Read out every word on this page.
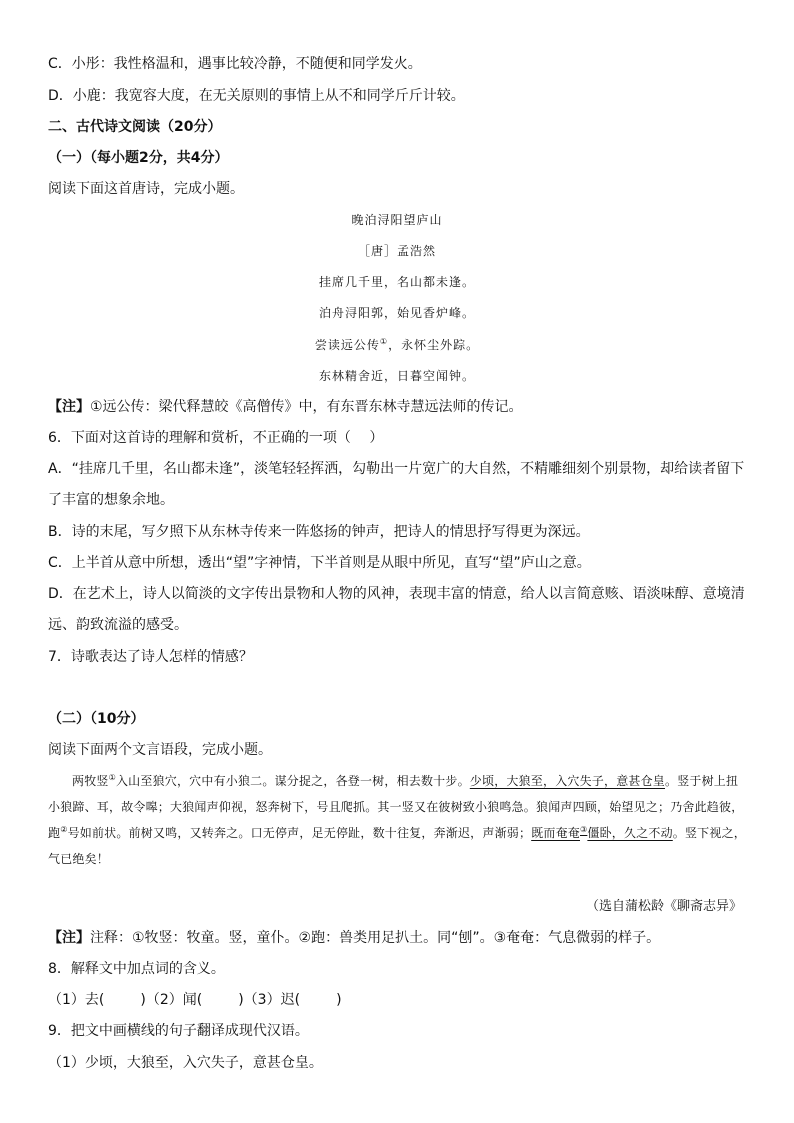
C．小彤：我性格温和，遇事比较冷静，不随便和同学发火。
D．小鹿：我宽容大度，在无关原则的事情上从不和同学斤斤计较。
二、古代诗文阅读（20分）
（一）（每小题2分，共4分）
阅读下面这首唐诗，完成小题。
晚泊浔阳望庐山
［唐］孟浩然
挂席几千里，名山都未逢。
泊舟浔阳郭，始见香炉峰。
尝读远公传①，永怀尘外踪。
东林精舍近，日暮空闻钟。
【注】①远公传：梁代释慧皎《高僧传》中，有东晋东林寺慧远法师的传记。
6．下面对这首诗的理解和赏析，不正确的一项（　 ）
A．“挂席几千里，名山都未逢”，淡笔轻轻挥洒，勾勒出一片宽广的大自然，不精雕细刻个别景物，却给读者留下
了丰富的想象余地。
B．诗的末尾，写夕照下从东林寺传来一阵悠扬的钟声，把诗人的情思抒写得更为深远。
C．上半首从意中所想，透出“望”字神情，下半首则是从眼中所见，直写“望”庐山之意。
D．在艺术上，诗人以简淡的文字传出景物和人物的风神，表现丰富的情意，给人以言简意赅、语淡味醇、意境清
远、韵致流溢的感受。
7．诗歌表达了诗人怎样的情感？
（二）（10分）
阅读下面两个文言语段，完成小题。
两牧竖①入山至狼穴，穴中有小狼二。谋分捉之，各登一树，相去数十步。少顷，大狼至，入穴失子，意甚仓皇。竖于树上扭小狼蹄、耳，故令嗥；大狼闻声仰视，怒奔树下，号且爬抓。其一竖又在彼树致小狼鸣急。狼闻声四顾，始望见之；乃舍此趋彼，跑②号如前状。前树又鸣，又转奔之。口无停声，足无停趾，数十往复，奔渐迟，声渐弱；既而奄奄③僵卧，久之不动。竖下视之，气已绝矣！
（选自蒲松龄《聊斋志异》
【注】注释：①牧竖：牧童。竖，童仆。②跑：兽类用足扒土。同“刨”。③奄奄：气息微弱的样子。
8．解释文中加点词的含义。
（1）去(	)（2）闻(	)（3）迟(	)
9．把文中画横线的句子翻译成现代汉语。
（1）少顷，大狼至，入穴失子，意甚仓皇。
